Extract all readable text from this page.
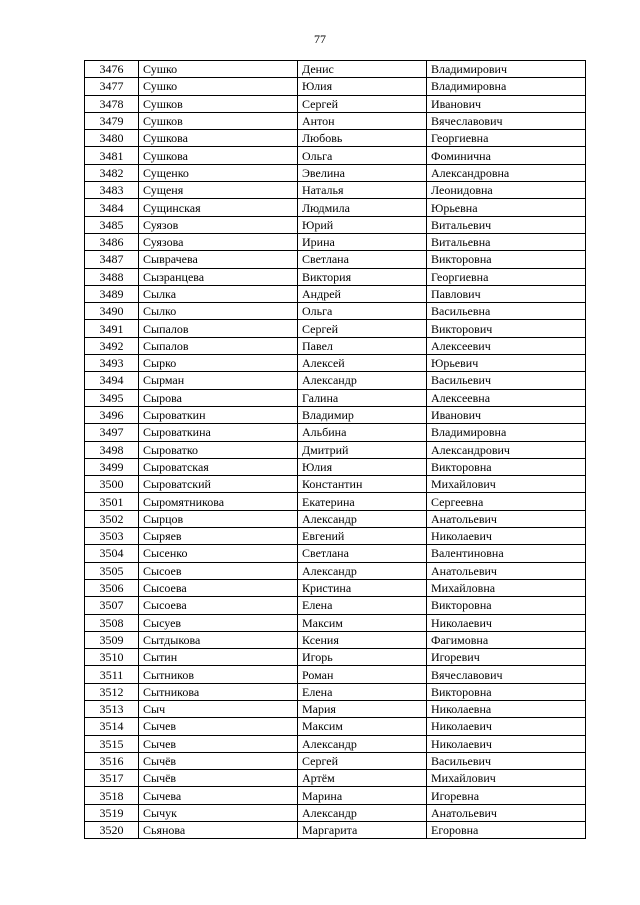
77
3476	Сушко	Денис	Владимирович
3477	Сушко	Юлия	Владимировна
3478	Сушков	Сергей	Иванович
3479	Сушков	Антон	Вячеславович
3480	Сушкова	Любовь	Георгиевна
3481	Сушкова	Ольга	Фоминична
3482	Сущенко	Эвелина	Александровна
3483	Сущеня	Наталья	Леонидовна
3484	Сущинская	Людмила	Юрьевна
3485	Суязов	Юрий	Витальевич
3486	Суязова	Ирина	Витальевна
3487	Сыврачева	Светлана	Викторовна
3488	Сызранцева	Виктория	Георгиевна
3489	Сылка	Андрей	Павлович
3490	Сылко	Ольга	Васильевна
3491	Сыпалов	Сергей	Викторович
3492	Сыпалов	Павел	Алексеевич
3493	Сырко	Алексей	Юрьевич
3494	Сырман	Александр	Васильевич
3495	Сырова	Галина	Алексеевна
3496	Сыроваткин	Владимир	Иванович
3497	Сыроваткина	Альбина	Владимировна
3498	Сыроватко	Дмитрий	Александрович
3499	Сыроватская	Юлия	Викторовна
3500	Сыроватский	Константин	Михайлович
3501	Сыромятникова	Екатерина	Сергеевна
3502	Сырцов	Александр	Анатольевич
3503	Сыряев	Евгений	Николаевич
3504	Сысенко	Светлана	Валентиновна
3505	Сысоев	Александр	Анатольевич
3506	Сысоева	Кристина	Михайловна
3507	Сысоева	Елена	Викторовна
3508	Сысуев	Максим	Николаевич
3509	Сытдыкова	Ксения	Фагимовна
3510	Сытин	Игорь	Игоревич
3511	Сытников	Роман	Вячеславович
3512	Сытникова	Елена	Викторовна
3513	Сыч	Мария	Николаевна
3514	Сычев	Максим	Николаевич
3515	Сычев	Александр	Николаевич
3516	Сычёв	Сергей	Васильевич
3517	Сычёв	Артём	Михайлович
3518	Сычева	Марина	Игоревна
3519	Сычук	Александр	Анатольевич
3520	Сьянова	Маргарита	Егоровна
